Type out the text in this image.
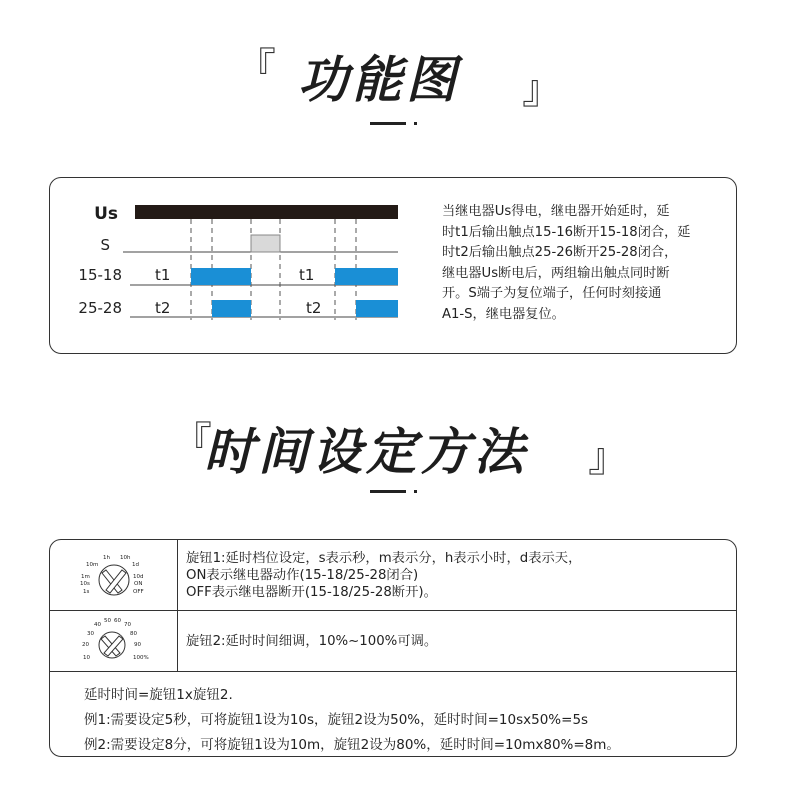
『 功能图 』
Us
S
15-18
25-28
t1	t1
t2	t2
当继电器Us得电，继电器开始延时，延
时t1后输出触点15-16断开15-18闭合，延
时t2后输出触点25-26断开25-28闭合，
继电器Us断电后，两组输出触点同时断
开。S端子为复位端子，任何时刻接通
A1-S，继电器复位。
『
时间设定方法 』
10m
1h 10h
1d
1m	10d
10s	ON
1s	OFF
40
50 60
70
30	80
20	90
10	100%
旋钮1:延时档位设定，s表示秒，m表示分，h表示小时，d表示天，
ON表示继电器动作(15-18/25-28闭合)
OFF表示继电器断开(15-18/25-28断开)。
旋钮2:延时时间细调，10%~100%可调。
延时时间=旋钮1x旋钮2.
例1:需要设定5秒，可将旋钮1设为10s，旋钮2设为50%，延时时间=10sx50%=5s
例2:需要设定8分，可将旋钮1设为10m，旋钮2设为80%，延时时间=10mx80%=8m。
